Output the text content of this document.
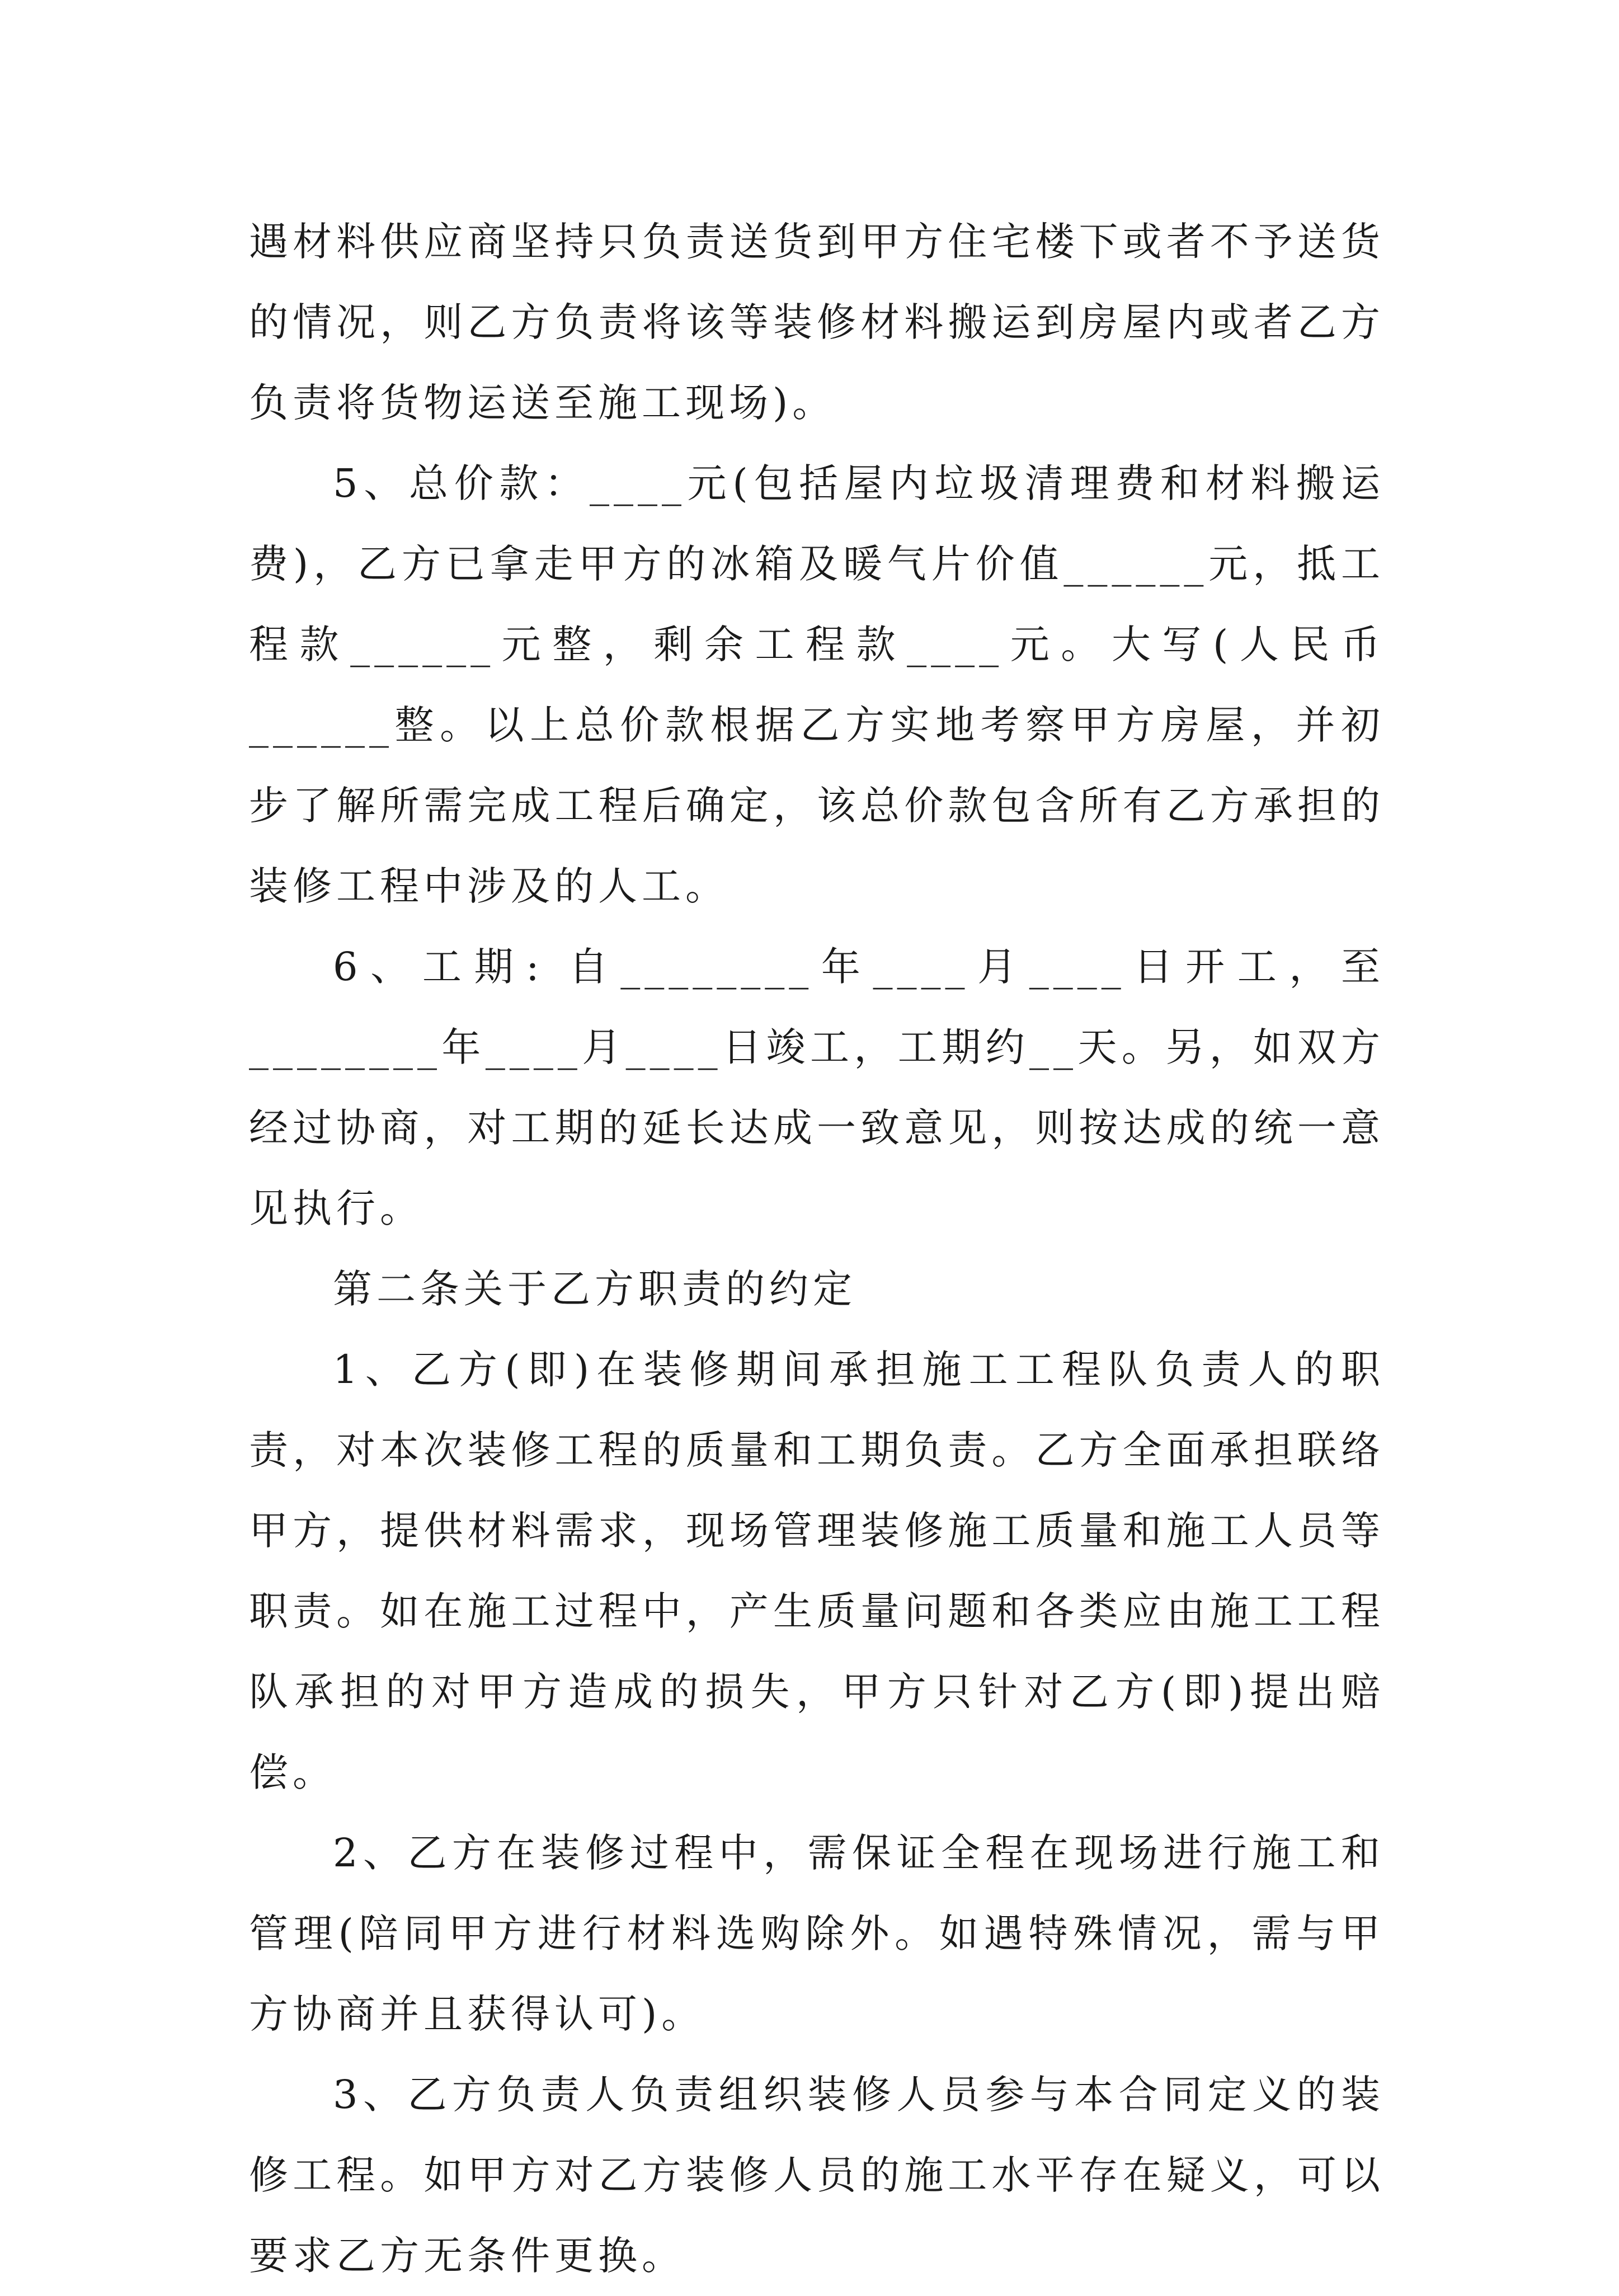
遇材料供应商坚持只负责送货到甲方住宅楼下或者不予送货的情况，则乙方负责将该等装修材料搬运到房屋内或者乙方负责将货物运送至施工现场)。

5、总价款：____元(包括屋内垃圾清理费和材料搬运费)，乙方已拿走甲方的冰箱及暖气片价值______元，抵工程款______元整，剩余工程款____元。大写(人民币______整。以上总价款根据乙方实地考察甲方房屋，并初步了解所需完成工程后确定，该总价款包含所有乙方承担的装修工程中涉及的人工。

6、工期: 自________年____月____日开工，至________年____月____日竣工，工期约__天。另，如双方经过协商，对工期的延长达成一致意见，则按达成的统一意见执行。

第二条关于乙方职责的约定

1、乙方(即)在装修期间承担施工工程队负责人的职责，对本次装修工程的质量和工期负责。乙方全面承担联络甲方，提供材料需求，现场管理装修施工质量和施工人员等职责。如在施工过程中，产生质量问题和各类应由施工工程队承担的对甲方造成的损失，甲方只针对乙方(即)提出赔偿。

2、乙方在装修过程中，需保证全程在现场进行施工和管理(陪同甲方进行材料选购除外。如遇特殊情况，需与甲方协商并且获得认可)。

3、乙方负责人负责组织装修人员参与本合同定义的装修工程。如甲方对乙方装修人员的施工水平存在疑义，可以要求乙方无条件更换。
